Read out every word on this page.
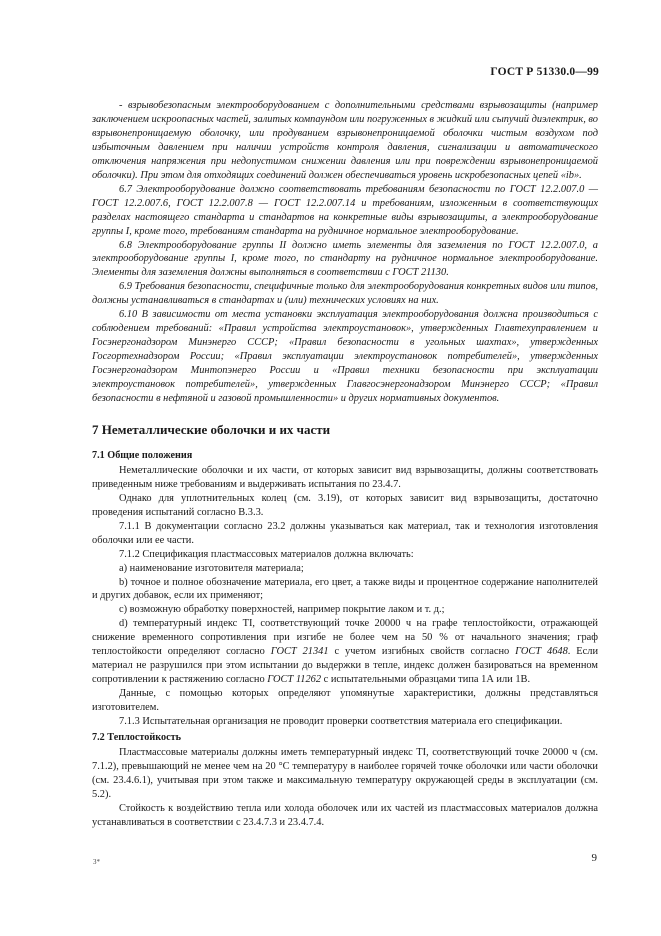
ГОСТ Р 51330.0—99

- взрывобезопасным электрооборудованием с дополнительными средствами взрывозащиты (например заключением искроопасных частей, залитых компаундом или погруженных в жидкий или сыпучий диэлектрик, во взрывонепроницаемую оболочку, или продуванием взрывонепроницаемой оболочки чистым воздухом под избыточным давлением при наличии устройств контроля давления, сигнализации и автоматического отключения напряжения при недопустимом снижении давления или при повреждении взрывонепроницаемой оболочки). При этом для отходящих соединений должен обеспечиваться уровень искробезопасных цепей «ib».

6.7 Электрооборудование должно соответствовать требованиям безопасности по ГОСТ 12.2.007.0 — ГОСТ 12.2.007.6, ГОСТ 12.2.007.8 — ГОСТ 12.2.007.14 и требованиям, изложенным в соответствующих разделах настоящего стандарта и стандартов на конкретные виды взрывозащиты, а электрооборудование группы I, кроме того, требованиям стандарта на рудничное нормальное электрооборудование.

6.8 Электрооборудование группы II должно иметь элементы для заземления по ГОСТ 12.2.007.0, а электрооборудование группы I, кроме того, по стандарту на рудничное нормальное электрооборудование. Элементы для заземления должны выполняться в соответствии с ГОСТ 21130.

6.9 Требования безопасности, специфичные только для электрооборудования конкретных видов или типов, должны устанавливаться в стандартах и (или) технических условиях на них.

6.10 В зависимости от места установки эксплуатация электрооборудования должна производиться с соблюдением требований: «Правил устройства электроустановок», утвержденных Главтехуправлением и Госэнергонадзором Минэнерго СССР; «Правил безопасности в угольных шахтах», утвержденных Госгортехнадзором России; «Правил эксплуатации электроустановок потребителей», утвержденных Госэнергонадзором Минтопэнерго России и «Правил техники безопасности при эксплуатации электроустановок потребителей», утвержденных Главгосэнергонадзором Минэнерго СССР; «Правил безопасности в нефтяной и газовой промышленности» и других нормативных документов.

7 Неметаллические оболочки и их части
7.1 Общие положения

Неметаллические оболочки и их части, от которых зависит вид взрывозащиты, должны соответствовать приведенным ниже требованиям и выдерживать испытания по 23.4.7.

Однако для уплотнительных колец (см. 3.19), от которых зависит вид взрывозащиты, достаточно проведения испытаний согласно В.3.3.

7.1.1 В документации согласно 23.2 должны указываться как материал, так и технология изготовления оболочки или ее части.

7.1.2 Спецификация пластмассовых материалов должна включать:

а) наименование изготовителя материала;

b) точное и полное обозначение материала, его цвет, а также виды и процентное содержание наполнителей и других добавок, если их применяют;

с) возможную обработку поверхностей, например покрытие лаком и т. д.;

d) температурный индекс TI, соответствующий точке 20000 ч на графе теплостойкости, отражающей снижение временного сопротивления при изгибе не более чем на 50 % от начального значения; граф теплостойкости определяют согласно ГОСТ 21341 с учетом изгибных свойств согласно ГОСТ 4648. Если материал не разрушился при этом испытании до выдержки в тепле, индекс должен базироваться на временном сопротивлении к растяжению согласно ГОСТ 11262 с испытательными образцами типа 1А или 1В.

Данные, с помощью которых определяют упомянутые характеристики, должны представляться изготовителем.

7.1.3 Испытательная организация не проводит проверки соответствия материала его спецификации.

7.2 Теплостойкость

Пластмассовые материалы должны иметь температурный индекс TI, соответствующий точке 20000 ч (см. 7.1.2), превышающий не менее чем на 20 °С температуру в наиболее горячей точке оболочки или части оболочки (см. 23.4.6.1), учитывая при этом также и максимальную температуру окружающей среды в эксплуатации (см. 5.2).

Стойкость к воздействию тепла или холода оболочек или их частей из пластмассовых материалов должна устанавливаться в соответствии с 23.4.7.3 и 23.4.7.4.

3*	9
